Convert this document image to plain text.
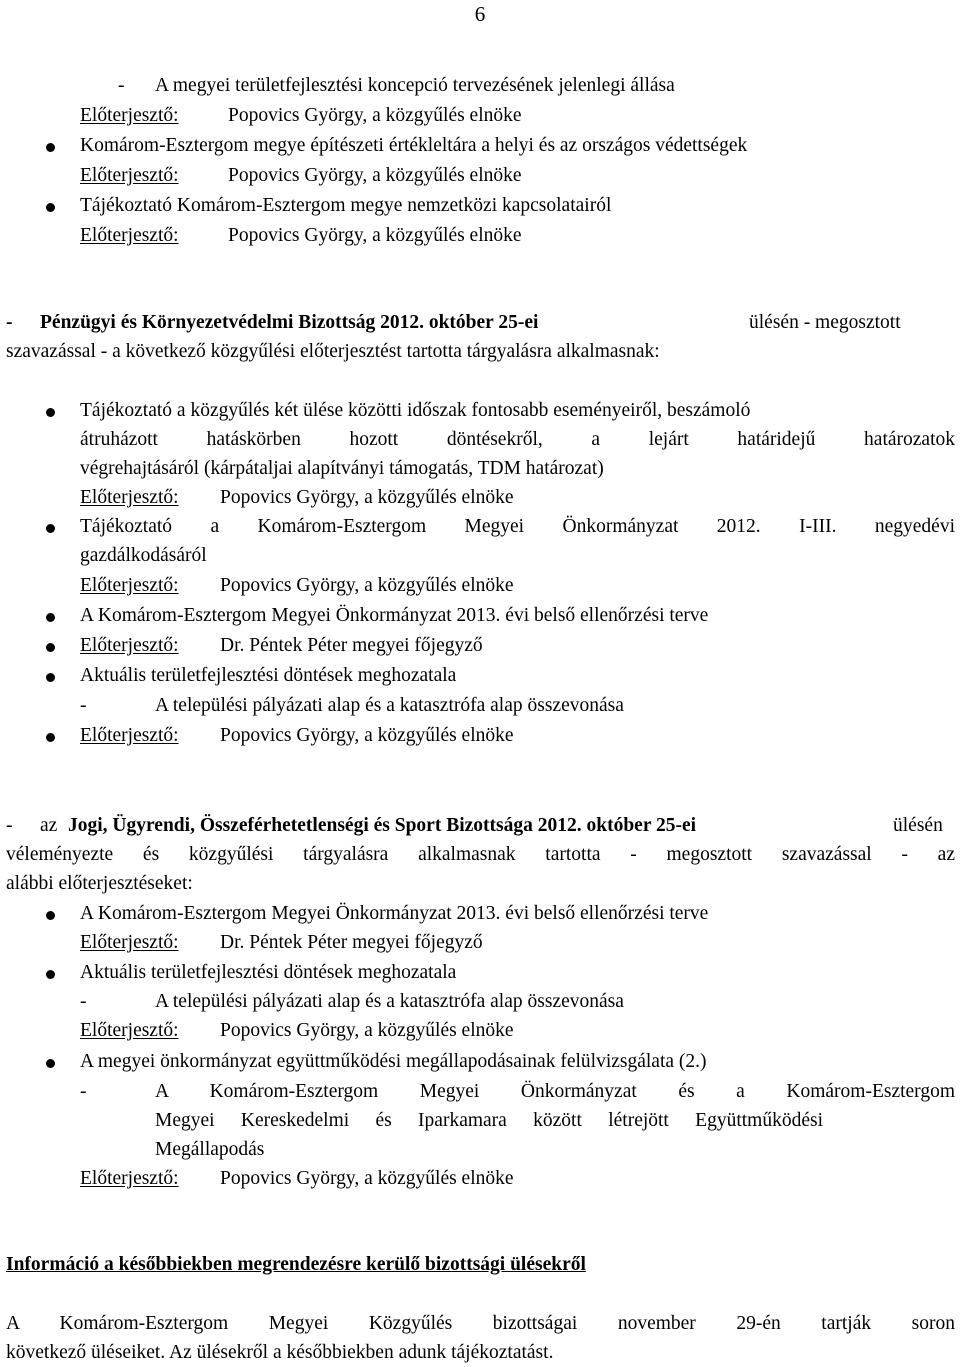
6
- A megyei területfejlesztési koncepció tervezésének jelenlegi állása
Előterjesztő:	Popovics György, a közgyűlés elnöke
Komárom-Esztergom megye építészeti értékleltára a helyi és az országos védettségek
Előterjesztő:	Popovics György, a közgyűlés elnöke
Tájékoztató Komárom-Esztergom megye nemzetközi kapcsolatairól
Előterjesztő:	Popovics György, a közgyűlés elnöke
- Pénzügyi és Környezetvédelmi Bizottság 2012. október 25-ei	ülésén - megosztott
szavazással - a következő közgyűlési előterjesztést tartotta tárgyalásra alkalmasnak:
Tájékoztató a közgyűlés két ülése közötti időszak fontosabb eseményeiről, beszámoló
átruházott hatáskörben hozott döntésekről, a lejárt határidejű határozatok
végrehajtásáról (kárpátaljai alapítványi támogatás, TDM határozat)
Előterjesztő: Popovics György, a közgyűlés elnöke
Tájékoztató a Komárom-Esztergom Megyei Önkormányzat 2012. I-III. negyedévi
gazdálkodásáról
Előterjesztő: Popovics György, a közgyűlés elnöke
A Komárom-Esztergom Megyei Önkormányzat 2013. évi belső ellenőrzési terve
Előterjesztő: Dr. Péntek Péter megyei főjegyző
Aktuális területfejlesztési döntések meghozatala
-	A települési pályázati alap és a katasztrófa alap összevonása
Előterjesztő: Popovics György, a közgyűlés elnöke
- az Jogi, Ügyrendi, Összeférhetetlenségi és Sport Bizottsága 2012. október 25-ei	ülésén
véleményezte és közgyűlési tárgyalásra alkalmasnak tartotta - megosztott szavazással - az
alábbi előterjesztéseket:
A Komárom-Esztergom Megyei Önkormányzat 2013. évi belső ellenőrzési terve
Előterjesztő: Dr. Péntek Péter megyei főjegyző
Aktuális területfejlesztési döntések meghozatala
-	A települési pályázati alap és a katasztrófa alap összevonása
Előterjesztő: Popovics György, a közgyűlés elnöke
A megyei önkormányzat együttműködési megállapodásainak felülvizsgálata (2.)
-	A Komárom-Esztergom Megyei Önkormányzat és a Komárom-Esztergom
Megyei Kereskedelmi és Iparkamara között létrejött Együttműködési
Megállapodás
Előterjesztő: Popovics György, a közgyűlés elnöke
Információ a későbbiekben megrendezésre kerülő bizottsági ülésekről
A Komárom-Esztergom Megyei Közgyűlés bizottságai november 29-én tartják soron
következő üléseiket. Az ülésekről a későbbiekben adunk tájékoztatást.
